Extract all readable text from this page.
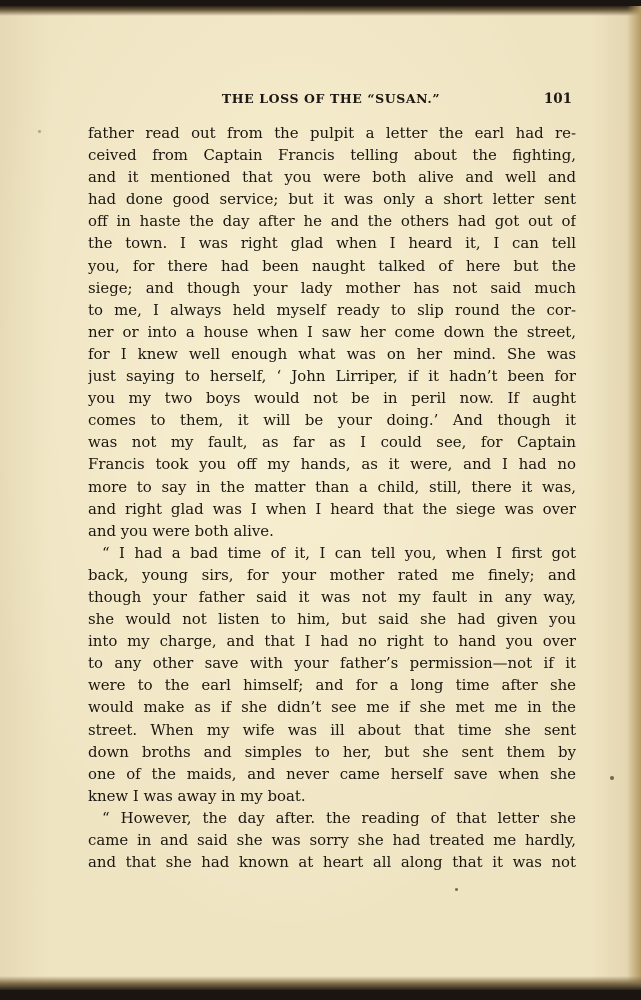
THE LOSS OF THE “SUSAN.”	101
father read out from the pulpit a letter the earl had re-
ceived from Captain Francis telling about the fighting,
and it mentioned that you were both alive and well and
had done good service; but it was only a short letter sent
off in haste the day after he and the others had got out of
the town. I was right glad when I heard it, I can tell
you, for there had been naught talked of here but the
siege; and though your lady mother has not said much
to me, I always held myself ready to slip round the cor-
ner or into a house when I saw her come down the street,
for I knew well enough what was on her mind. She was
just saying to herself, ‘ John Lirriper, if it hadn’t been for
you my two boys would not be in peril now. If aught
comes to them, it will be your doing.’ And though it
was not my fault, as far as I could see, for Captain
Francis took you off my hands, as it were, and I had no
more to say in the matter than a child, still, there it was,
and right glad was I when I heard that the siege was over
and you were both alive.
“ I had a bad time of it, I can tell you, when I first got
back, young sirs, for your mother rated me finely; and
though your father said it was not my fault in any way,
she would not listen to him, but said she had given you
into my charge, and that I had no right to hand you over
to any other save with your father’s permission—not if it
were to the earl himself; and for a long time after she
would make as if she didn’t see me if she met me in the
street. When my wife was ill about that time she sent
down broths and simples to her, but she sent them by
one of the maids, and never came herself save when she
knew I was away in my boat.
“ However, the day after. the reading of that letter she
came in and said she was sorry she had treated me hardly,
and that she had known at heart all along that it was not
